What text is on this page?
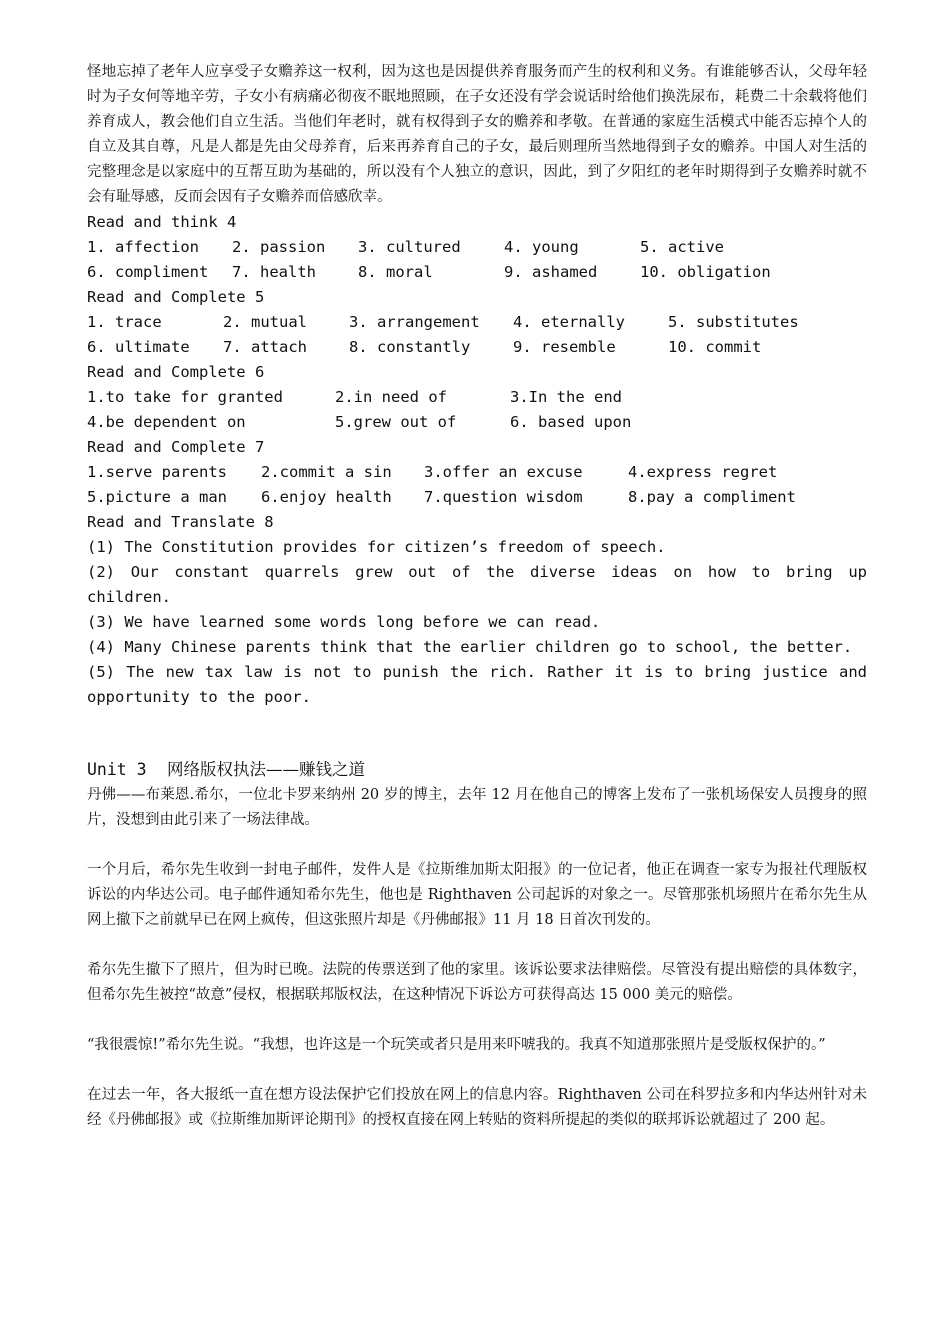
怪地忘掉了老年人应享受子女赡养这一权利，因为这也是因提供养育服务而产生的权利和义务。有谁能够否认，父母年轻时为子女何等地辛劳，子女小有病痛必彻夜不眠地照顾，在子女还没有学会说话时给他们换洗尿布，耗费二十余载将他们养育成人，教会他们自立生活。当他们年老时，就有权得到子女的赡养和孝敬。在普通的家庭生活模式中能否忘掉个人的自立及其自尊，凡是人都是先由父母养育，后来再养育自己的子女，最后则理所当然地得到子女的赡养。中国人对生活的完整理念是以家庭中的互帮互助为基础的，所以没有个人独立的意识，因此，到了夕阳红的老年时期得到子女赡养时就不会有耻辱感，反而会因有子女赡养而倍感欣幸。

Read and think 4

1. affection	2. passion	3. cultured	4. young	5. active
6. compliment	7. health	8. moral	9. ashamed	10. obligation

Read and Complete 5

1. trace	2. mutual	3. arrangement	4. eternally	5. substitutes
6. ultimate	7. attach	8. constantly	9. resemble	10. commit

Read and Complete 6

1.to take for granted	2.in need of	3.In the end
4.be dependent on	5.grew out of	6. based upon

Read and Complete 7

1.serve parents	2.commit a sin	3.offer an excuse	4.express regret
5.picture a man	6.enjoy health	7.question wisdom	8.pay a compliment

Read and Translate 8

(1) The Constitution provides for citizen’s freedom of speech.

(2) Our constant quarrels grew out of the diverse ideas on how to bring up children.

(3) We have learned some words long before we can read.

(4) Many Chinese parents think that the earlier children go to school, the better.

(5) The new tax law is not to punish the rich. Rather it is to bring justice and opportunity to the poor.

Unit 3 网络版权执法——赚钱之道

丹佛——布莱恩.希尔，一位北卡罗来纳州 20 岁的博主，去年 12 月在他自己的博客上发布了一张机场保安人员搜身的照片，没想到由此引来了一场法律战。

一个月后，希尔先生收到一封电子邮件，发件人是《拉斯维加斯太阳报》的一位记者，他正在调查一家专为报社代理版权诉讼的内华达公司。电子邮件通知希尔先生，他也是 Righthaven 公司起诉的对象之一。尽管那张机场照片在希尔先生从网上撤下之前就早已在网上疯传，但这张照片却是《丹佛邮报》11 月 18 日首次刊发的。

希尔先生撤下了照片，但为时已晚。法院的传票送到了他的家里。该诉讼要求法律赔偿。尽管没有提出赔偿的具体数字，但希尔先生被控“故意”侵权，根据联邦版权法，在这种情况下诉讼方可获得高达 15 000 美元的赔偿。

“我很震惊!”希尔先生说。“我想，也许这是一个玩笑或者只是用来吓唬我的。我真不知道那张照片是受版权保护的。”

在过去一年，各大报纸一直在想方设法保护它们投放在网上的信息内容。Righthaven 公司在科罗拉多和内华达州针对未经《丹佛邮报》或《拉斯维加斯评论期刊》的授权直接在网上转贴的资料所提起的类似的联邦诉讼就超过了 200 起。
